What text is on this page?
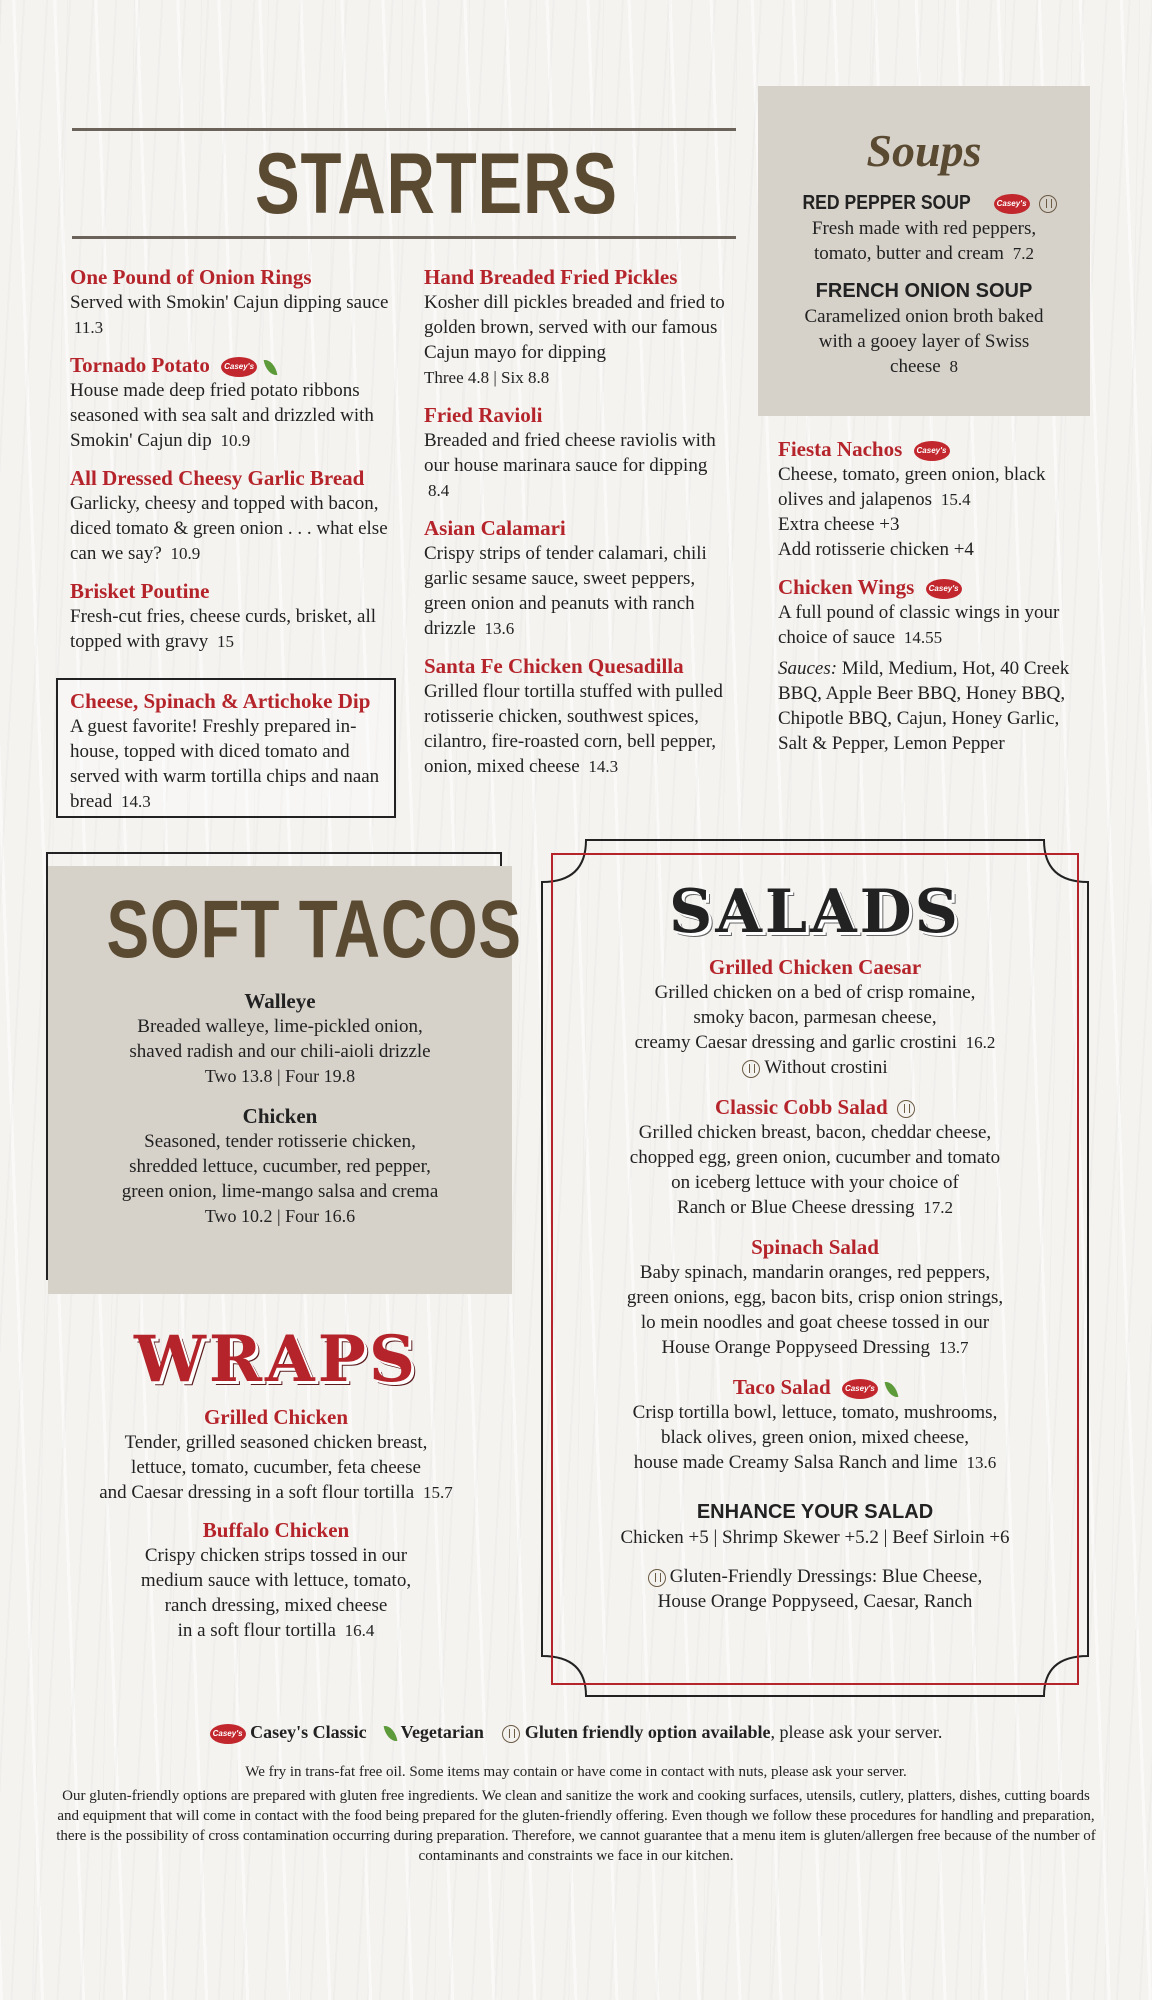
STARTERS
One Pound of Onion Rings
Served with Smokin' Cajun dipping sauce 11.3
Tornado Potato Casey's
House made deep fried potato ribbons seasoned with sea salt and drizzled with Smokin' Cajun dip 10.9
All Dressed Cheesy Garlic Bread
Garlicky, cheesy and topped with bacon, diced tomato & green onion . . . what else can we say? 10.9
Brisket Poutine
Fresh-cut fries, cheese curds, brisket, all topped with gravy 15
Cheese, Spinach & Artichoke Dip
A guest favorite! Freshly prepared in-house, topped with diced tomato and served with warm tortilla chips and naan bread 14.3
Hand Breaded Fried Pickles
Kosher dill pickles breaded and fried to golden brown, served with our famous Cajun mayo for dipping
Three 4.8 | Six 8.8
Fried Ravioli
Breaded and fried cheese raviolis with our house marinara sauce for dipping 8.4
Asian Calamari
Crispy strips of tender calamari, chili garlic sesame sauce, sweet peppers, green onion and peanuts with ranch drizzle 13.6
Santa Fe Chicken Quesadilla
Grilled flour tortilla stuffed with pulled rotisserie chicken, southwest spices, cilantro, fire-roasted corn, bell pepper, onion, mixed cheese 14.3
Soups
RED PEPPER SOUP	Casey's
Fresh made with red peppers, tomato, butter and cream 7.2
FRENCH ONION SOUP
Caramelized onion broth baked with a gooey layer of Swiss cheese 8
Fiesta Nachos Casey's
Cheese, tomato, green onion, black olives and jalapenos 15.4
Extra cheese +3
Add rotisserie chicken +4
Chicken Wings Casey's
A full pound of classic wings in your choice of sauce 14.55
Sauces: Mild, Medium, Hot, 40 Creek BBQ, Apple Beer BBQ, Honey BBQ, Chipotle BBQ, Cajun, Honey Garlic, Salt & Pepper, Lemon Pepper
SOFT TACOS
Walleye
Breaded walleye, lime-pickled onion,
shaved radish and our chili-aioli drizzle
Two 13.8 | Four 19.8
Chicken
Seasoned, tender rotisserie chicken,
shredded lettuce, cucumber, red pepper,
green onion, lime-mango salsa and crema
Two 10.2 | Four 16.6
WRAPS
Grilled Chicken
Tender, grilled seasoned chicken breast,
lettuce, tomato, cucumber, feta cheese
and Caesar dressing in a soft flour tortilla 15.7
Buffalo Chicken
Crispy chicken strips tossed in our
medium sauce with lettuce, tomato,
ranch dressing, mixed cheese
in a soft flour tortilla 16.4
SALADS
Grilled Chicken Caesar
Grilled chicken on a bed of crisp romaine,
smoky bacon, parmesan cheese,
creamy Caesar dressing and garlic crostini 16.2
Without crostini
Classic Cobb Salad
Grilled chicken breast, bacon, cheddar cheese,
chopped egg, green onion, cucumber and tomato
on iceberg lettuce with your choice of
Ranch or Blue Cheese dressing 17.2
Spinach Salad
Baby spinach, mandarin oranges, red peppers,
green onions, egg, bacon bits, crisp onion strings,
lo mein noodles and goat cheese tossed in our
House Orange Poppyseed Dressing 13.7
Taco Salad Casey's
Crisp tortilla bowl, lettuce, tomato, mushrooms,
black olives, green onion, mixed cheese,
house made Creamy Salsa Ranch and lime 13.6
ENHANCE YOUR SALAD
Chicken +5 | Shrimp Skewer +5.2 | Beef Sirloin +6
Gluten-Friendly Dressings: Blue Cheese,
House Orange Poppyseed, Caesar, Ranch
Casey's Casey's Classic Vegetarian Gluten friendly option available, please ask your server.
We fry in trans-fat free oil. Some items may contain or have come in contact with nuts, please ask your server.
Our gluten-friendly options are prepared with gluten free ingredients. We clean and sanitize the work and cooking surfaces, utensils, cutlery, platters, dishes, cutting boards and equipment that will come in contact with the food being prepared for the gluten-friendly offering. Even though we follow these procedures for handling and preparation, there is the possibility of cross contamination occurring during preparation. Therefore, we cannot guarantee that a menu item is gluten/allergen free because of the number of contaminants and constraints we face in our kitchen.
